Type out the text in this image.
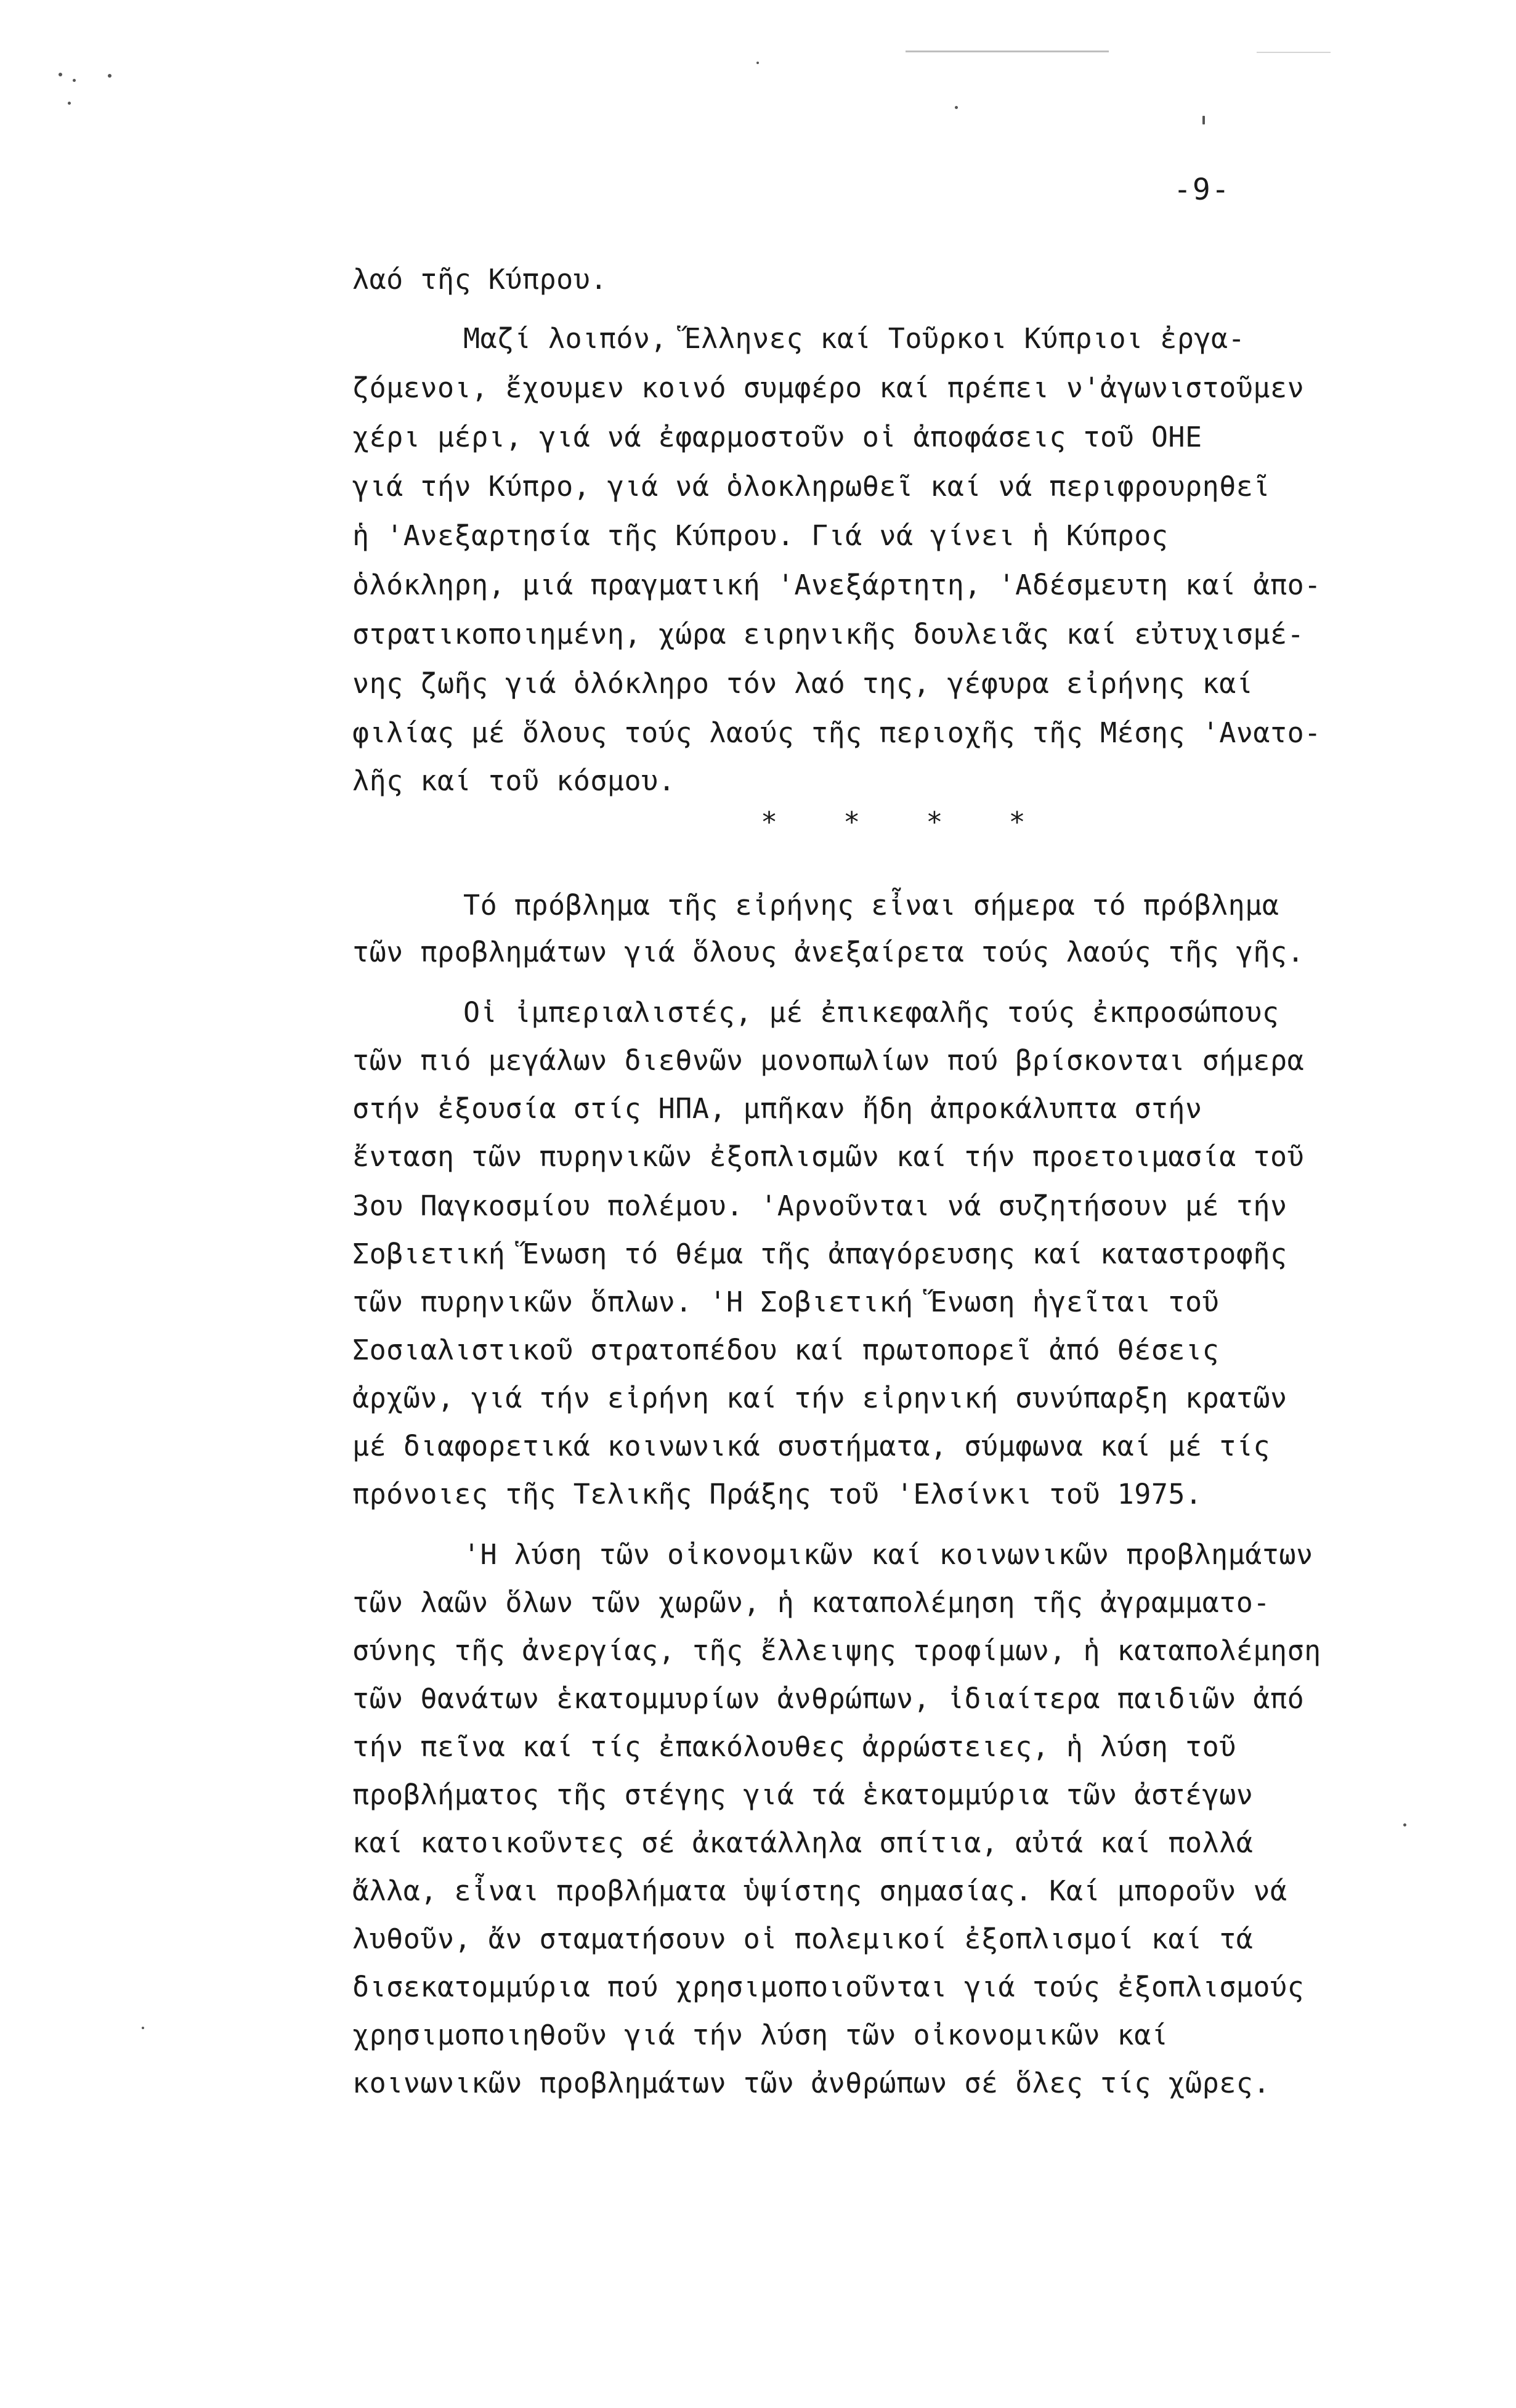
-9-
λαό τῆς Κύπρου.
Μαζί λοιπόν, Ἕλληνες καί Τοῦρκοι Κύπριοι ἐργα-
ζόμενοι, ἔχουμεν κοινό συμφέρο καί πρέπει ν'ἀγωνιστοῦμεν
χέρι μέρι, γιά νά ἐφαρμοστοῦν οἱ ἀποφάσεις τοῦ ΟΗΕ
γιά τήν Κύπρο, γιά νά ὁλοκληρωθεῖ καί νά περιφρουρηθεῖ
ἡ 'Ανεξαρτησία τῆς Κύπρου. Γιά νά γίνει ἡ Κύπρος
ὁλόκληρη, μιά πραγματική 'Ανεξάρτητη, 'Αδέσμευτη καί ἀπο-
στρατικοποιημένη, χώρα ειρηνικῆς δουλειᾶς καί εὐτυχισμέ-
νης ζωῆς γιά ὁλόκληρο τόν λαό της, γέφυρα εἰρήνης καί
φιλίας μέ ὅλους τούς λαούς τῆς περιοχῆς τῆς Μέσης 'Ανατο-
λῆς καί τοῦ κόσμου.
* * * *
Τό πρόβλημα τῆς εἰρήνης εἶναι σήμερα τό πρόβλημα
τῶν προβλημάτων γιά ὅλους ἀνεξαίρετα τούς λαούς τῆς γῆς.
Οἱ ἰμπεριαλιστές, μέ ἐπικεφαλῆς τούς ἐκπροσώπους
τῶν πιό μεγάλων διεθνῶν μονοπωλίων πού βρίσκονται σήμερα
στήν ἐξουσία στίς ΗΠΑ, μπῆκαν ἤδη ἀπροκάλυπτα στήν
ἔνταση τῶν πυρηνικῶν ἐξοπλισμῶν καί τήν προετοιμασία τοῦ
3ου Παγκοσμίου πολέμου. 'Αρνοῦνται νά συζητήσουν μέ τήν
Σοβιετική Ἕνωση τό θέμα τῆς ἀπαγόρευσης καί καταστροφῆς
τῶν πυρηνικῶν ὅπλων. 'Η Σοβιετική Ἕνωση ἡγεῖται τοῦ
Σοσιαλιστικοῦ στρατοπέδου καί πρωτοπορεῖ ἀπό θέσεις
ἀρχῶν, γιά τήν εἰρήνη καί τήν εἰρηνική συνύπαρξη κρατῶν
μέ διαφορετικά κοινωνικά συστήματα, σύμφωνα καί μέ τίς
πρόνοιες τῆς Τελικῆς Πράξης τοῦ 'Ελσίνκι τοῦ 1975.
'Η λύση τῶν οἰκονομικῶν καί κοινωνικῶν προβλημάτων
τῶν λαῶν ὅλων τῶν χωρῶν, ἡ καταπολέμηση τῆς ἀγραμματο-
σύνης τῆς ἀνεργίας, τῆς ἔλλειψης τροφίμων, ἡ καταπολέμηση
τῶν θανάτων ἑκατομμυρίων ἀνθρώπων, ἰδιαίτερα παιδιῶν ἀπό
τήν πεῖνα καί τίς ἐπακόλουθες ἀρρώστειες, ἡ λύση τοῦ
προβλήματος τῆς στέγης γιά τά ἑκατομμύρια τῶν ἀστέγων
καί κατοικοῦντες σέ ἀκατάλληλα σπίτια, αὐτά καί πολλά
ἄλλα, εἶναι προβλήματα ὑψίστης σημασίας. Καί μποροῦν νά
λυθοῦν, ἄν σταματήσουν οἱ πολεμικοί ἐξοπλισμοί καί τά
δισεκατομμύρια πού χρησιμοποιοῦνται γιά τούς ἐξοπλισμούς
χρησιμοποιηθοῦν γιά τήν λύση τῶν οἰκονομικῶν καί
κοινωνικῶν προβλημάτων τῶν ἀνθρώπων σέ ὅλες τίς χῶρες.
